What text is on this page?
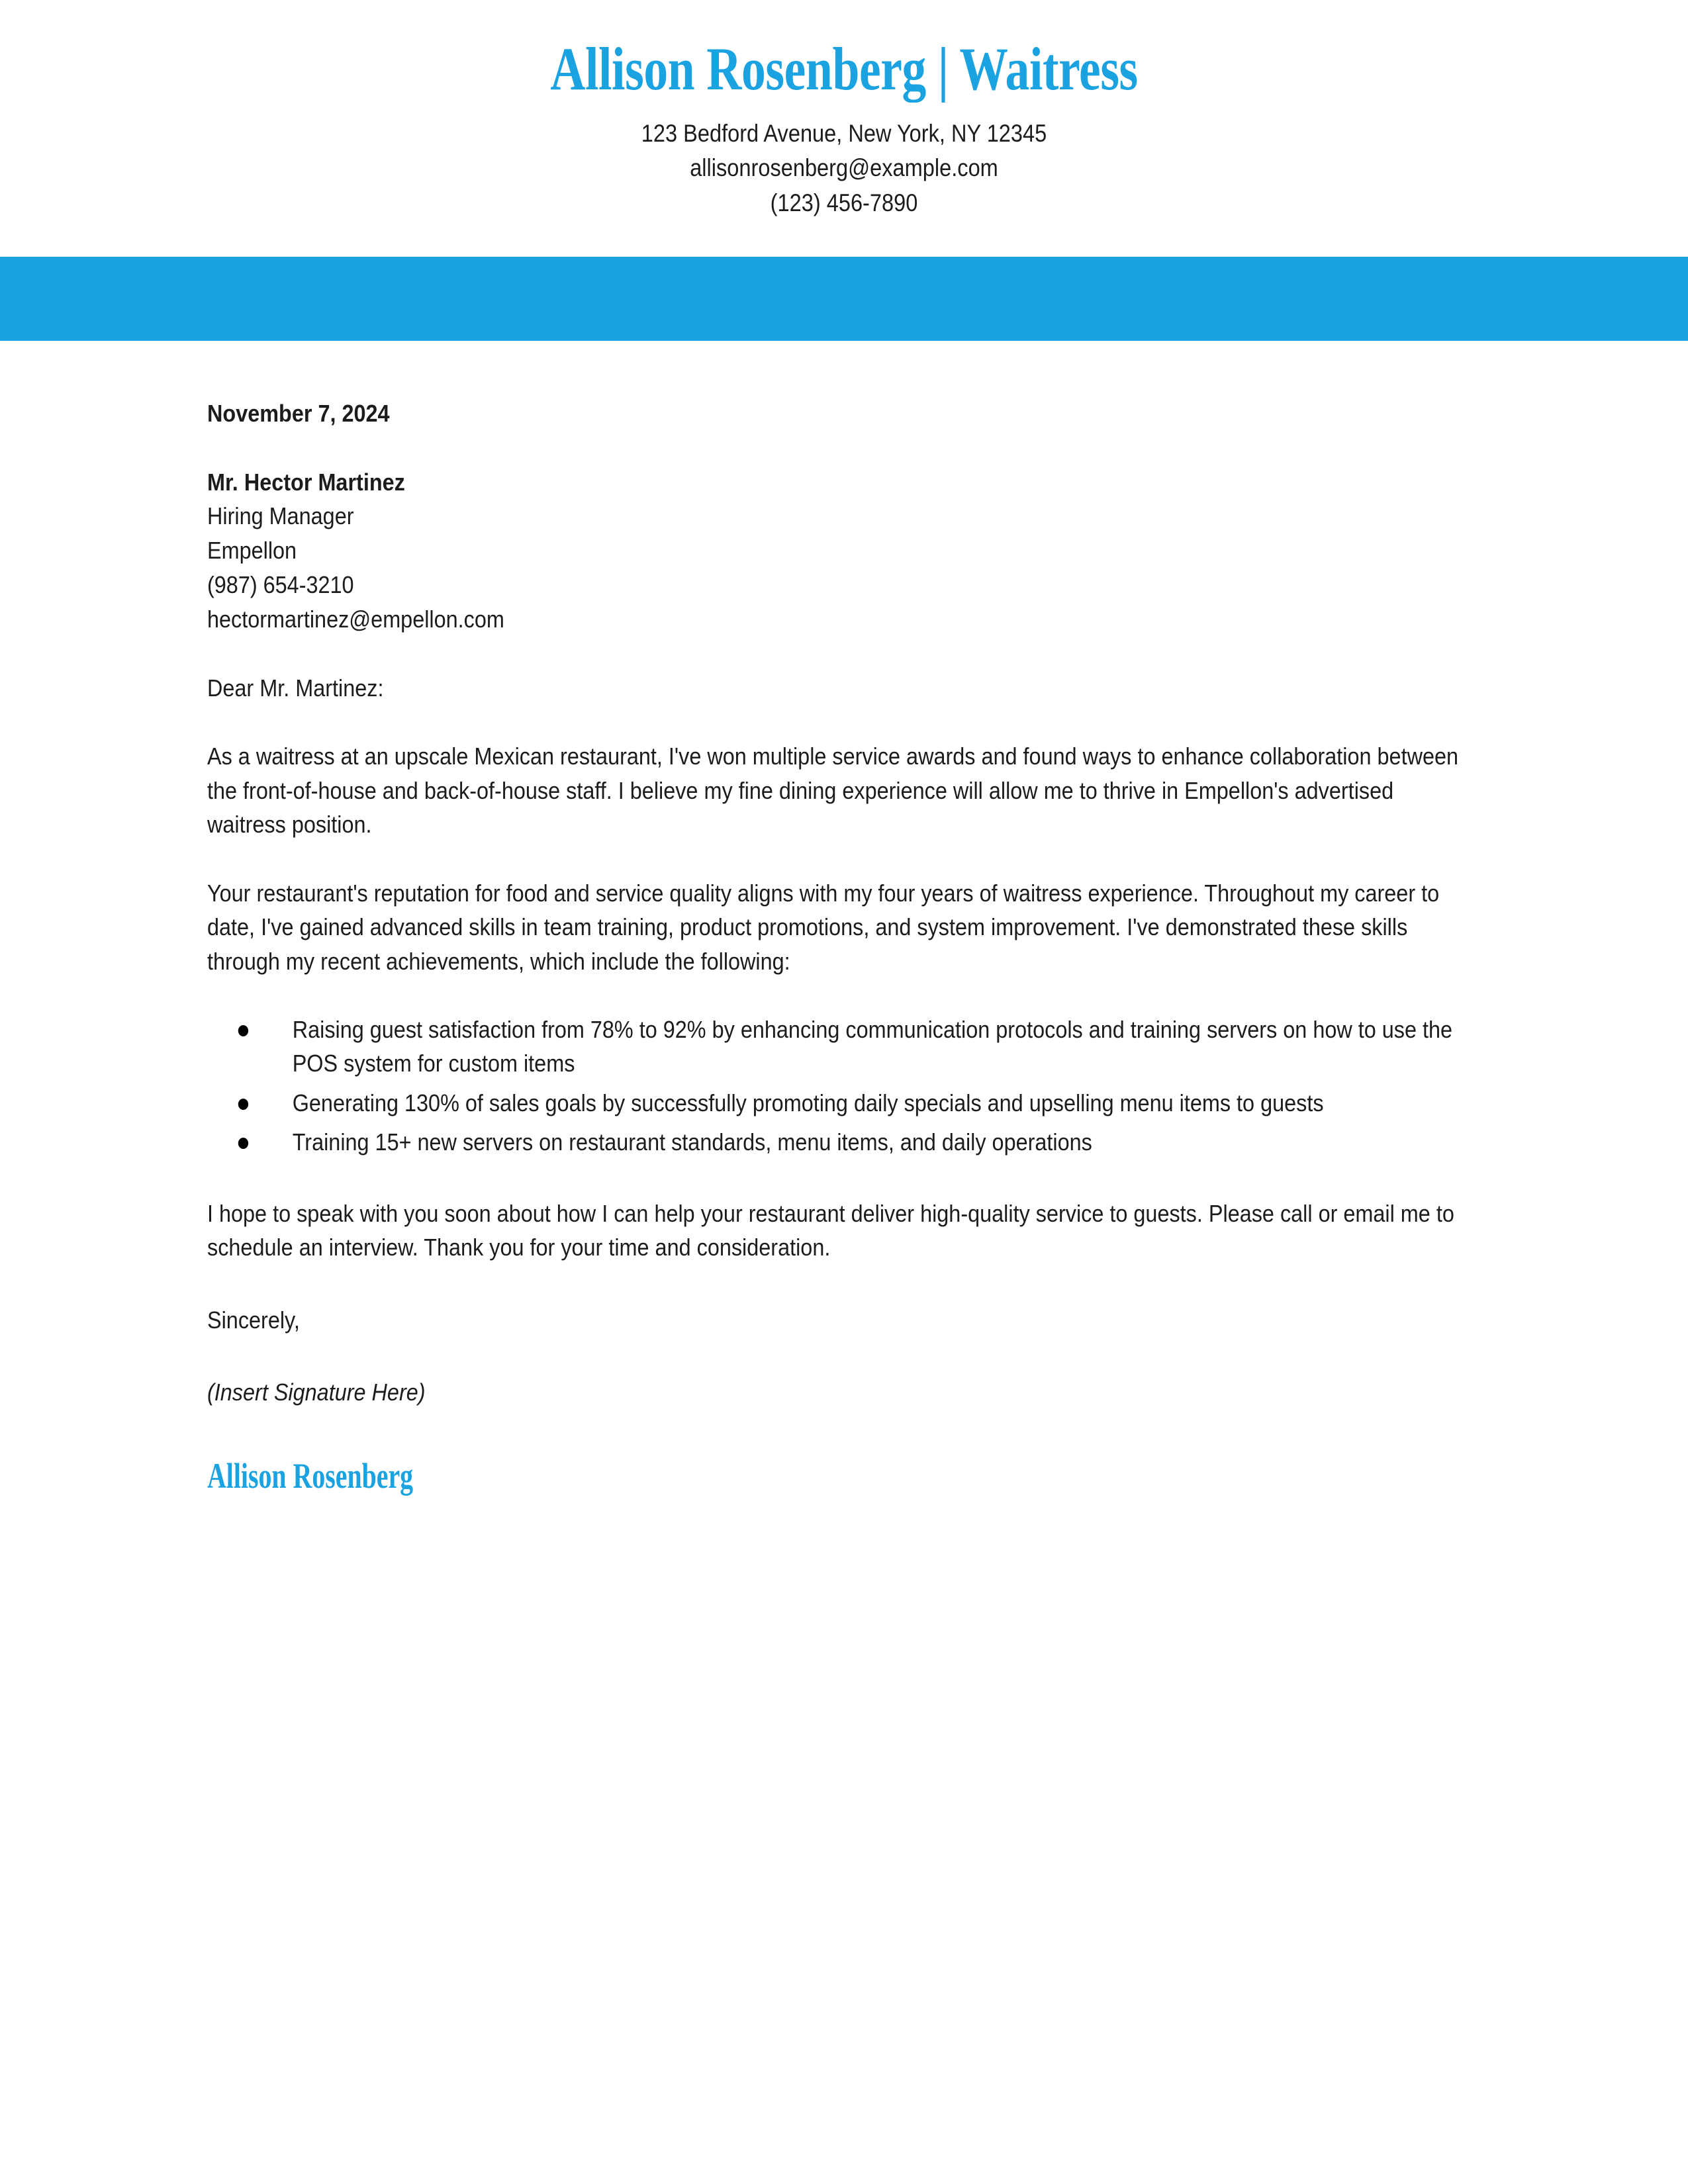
Allison Rosenberg | Waitress
123 Bedford Avenue, New York, NY 12345
allisonrosenberg@example.com
(123) 456-7890

November 7, 2024

Mr. Hector Martinez
Hiring Manager
Empellon
(987) 654-3210
hectormartinez@empellon.com

Dear Mr. Martinez:

As a waitress at an upscale Mexican restaurant, I've won multiple service awards and found ways to enhance collaboration between the front-of-house and back-of-house staff. I believe my fine dining experience will allow me to thrive in Empellon's advertised waitress position.

Your restaurant's reputation for food and service quality aligns with my four years of waitress experience. Throughout my career to date, I've gained advanced skills in team training, product promotions, and system improvement. I've demonstrated these skills through my recent achievements, which include the following:

Raising guest satisfaction from 78% to 92% by enhancing communication protocols and training servers on how to use the POS system for custom items
Generating 130% of sales goals by successfully promoting daily specials and upselling menu items to guests
Training 15+ new servers on restaurant standards, menu items, and daily operations

I hope to speak with you soon about how I can help your restaurant deliver high-quality service to guests. Please call or email me to schedule an interview. Thank you for your time and consideration.

Sincerely,

(Insert Signature Here)

Allison Rosenberg
